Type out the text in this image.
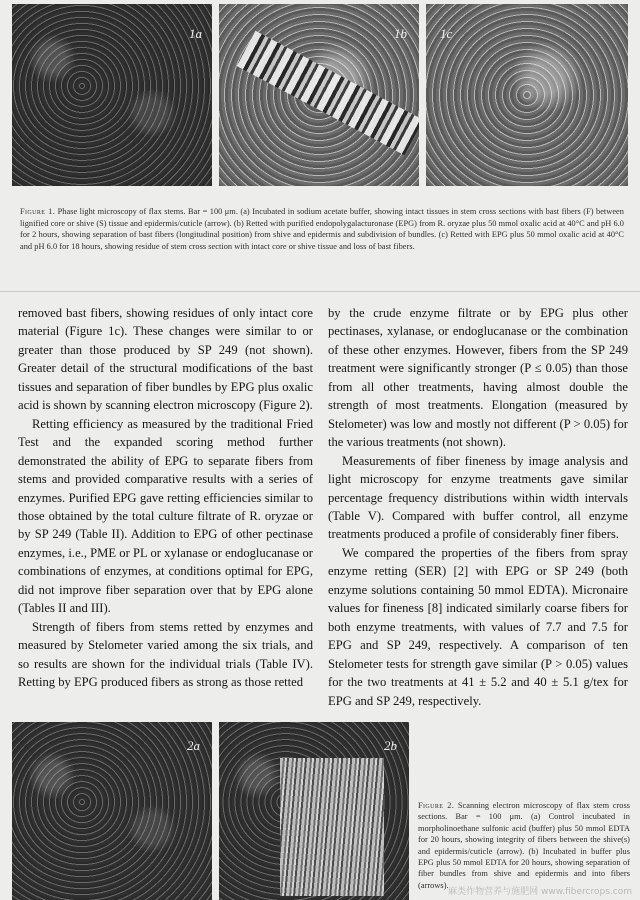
1a	1b	1c
Figure 1. Phase light microscopy of flax stems. Bar = 100 μm. (a) Incubated in sodium acetate buffer, showing intact tissues in stem cross sections with bast fibers (F) between lignified core or shive (S) tissue and epidermis/cuticle (arrow). (b) Retted with purified endopolygalacturonase (EPG) from R. oryzae plus 50 mmol oxalic acid at 40°C and pH 6.0 for 2 hours, showing separation of bast fibers (longitudinal position) from shive and epidermis and subdivision of bundles. (c) Retted with EPG plus 50 mmol oxalic acid at 40°C and pH 6.0 for 18 hours, showing residue of stem cross section with intact core or shive tissue and loss of bast fibers.

removed bast fibers, showing residues of only intact core material (Figure 1c). These changes were similar to or greater than those produced by SP 249 (not shown). Greater detail of the structural modifications of the bast tissues and separation of fiber bundles by EPG plus oxalic acid is shown by scanning electron microscopy (Figure 2).

Retting efficiency as measured by the traditional Fried Test and the expanded scoring method further demonstrated the ability of EPG to separate fibers from stems and provided comparative results with a series of enzymes. Purified EPG gave retting efficiencies similar to those obtained by the total culture filtrate of R. oryzae or by SP 249 (Table II). Addition to EPG of other pectinase enzymes, i.e., PME or PL or xylanase or endoglucanase or combinations of enzymes, at conditions optimal for EPG, did not improve fiber separation over that by EPG alone (Tables II and III).

Strength of fibers from stems retted by enzymes and measured by Stelometer varied among the six trials, and so results are shown for the individual trials (Table IV). Retting by EPG produced fibers as strong as those retted

by the crude enzyme filtrate or by EPG plus other pectinases, xylanase, or endoglucanase or the combination of these other enzymes. However, fibers from the SP 249 treatment were significantly stronger (P ≤ 0.05) than those from all other treatments, having almost double the strength of most treatments. Elongation (measured by Stelometer) was low and mostly not different (P > 0.05) for the various treatments (not shown).

Measurements of fiber fineness by image analysis and light microscopy for enzyme treatments gave similar percentage frequency distributions within width intervals (Table V). Compared with buffer control, all enzyme treatments produced a profile of considerably finer fibers.

We compared the properties of the fibers from spray enzyme retting (SER) [2] with EPG or SP 249 (both enzyme solutions containing 50 mmol EDTA). Micronaire values for fineness [8] indicated similarly coarse fibers for both enzyme treatments, with values of 7.7 and 7.5 for EPG and SP 249, respectively. A comparison of ten Stelometer tests for strength gave similar (P > 0.05) values for the two treatments at 41 ± 5.2 and 40 ± 5.1 g/tex for EPG and SP 249, respectively.

2a	2b
Figure 2. Scanning electron microscopy of flax stem cross sections. Bar = 100 μm. (a) Control incubated in morpholinoethane sulfonic acid (buffer) plus 50 mmol EDTA for 20 hours, showing integrity of fibers between the shive(s) and epidermis/cuticle (arrow). (b) Incubated in buffer plus EPG plus 50 mmol EDTA for 20 hours, showing separation of fiber bundles from shive and epidermis and into fibers (arrows).
麻类作物营养与施肥网 www.fibercrops.com
